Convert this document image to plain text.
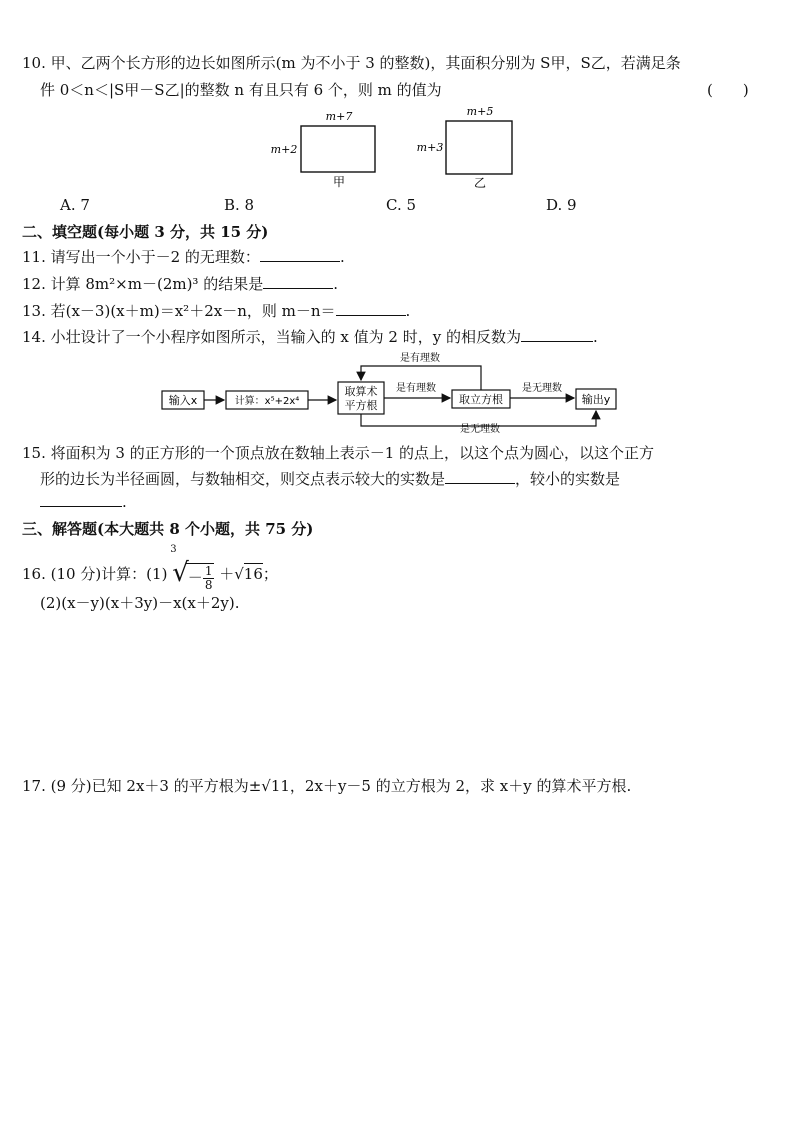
10. 甲、乙两个长方形的边长如图所示(m 为不小于 3 的整数)，其面积分别为 S甲，S乙，若满足条
件 0＜n＜|S甲－S乙|的整数 n 有且只有 6 个，则 m 的值为	(　　)
m+7
m+2
甲
m+5
m+3
乙
A. 7	B. 8	C. 5	D. 9
二、填空题(每小题 3 分，共 15 分)
11. 请写出一个小于－2 的无理数：	.
12. 计算 8m²×m－(2m)³ 的结果是	.
13. 若(x－3)(x＋m)＝x²＋2x－n，则 m－n＝	.
14. 小壮设计了一个小程序如图所示，当输入的 x 值为 2 时，y 的相反数为	.
输入x	计算：x⁵+2x⁴
取算术
平方根
是有理数
取立方根
是有理数
是无理数
输出y
是无理数
15. 将面积为 3 的正方形的一个顶点放在数轴上表示－1 的点上，以这个点为圆心，以这个正方
形的边长为半径画圆，与数轴相交，则交点表示较大的实数是	，较小的实数是
.
三、解答题(本大题共 8 个小题，共 75 分)
16. (10 分)计算：(1)
3
√－ $\frac{1}{8} +√16$；
(2)(x－y)(x＋3y)－x(x＋2y).
17. (9 分)已知 2x＋3 的平方根为±√11，2x＋y－5 的立方根为 2，求 x＋y 的算术平方根.
